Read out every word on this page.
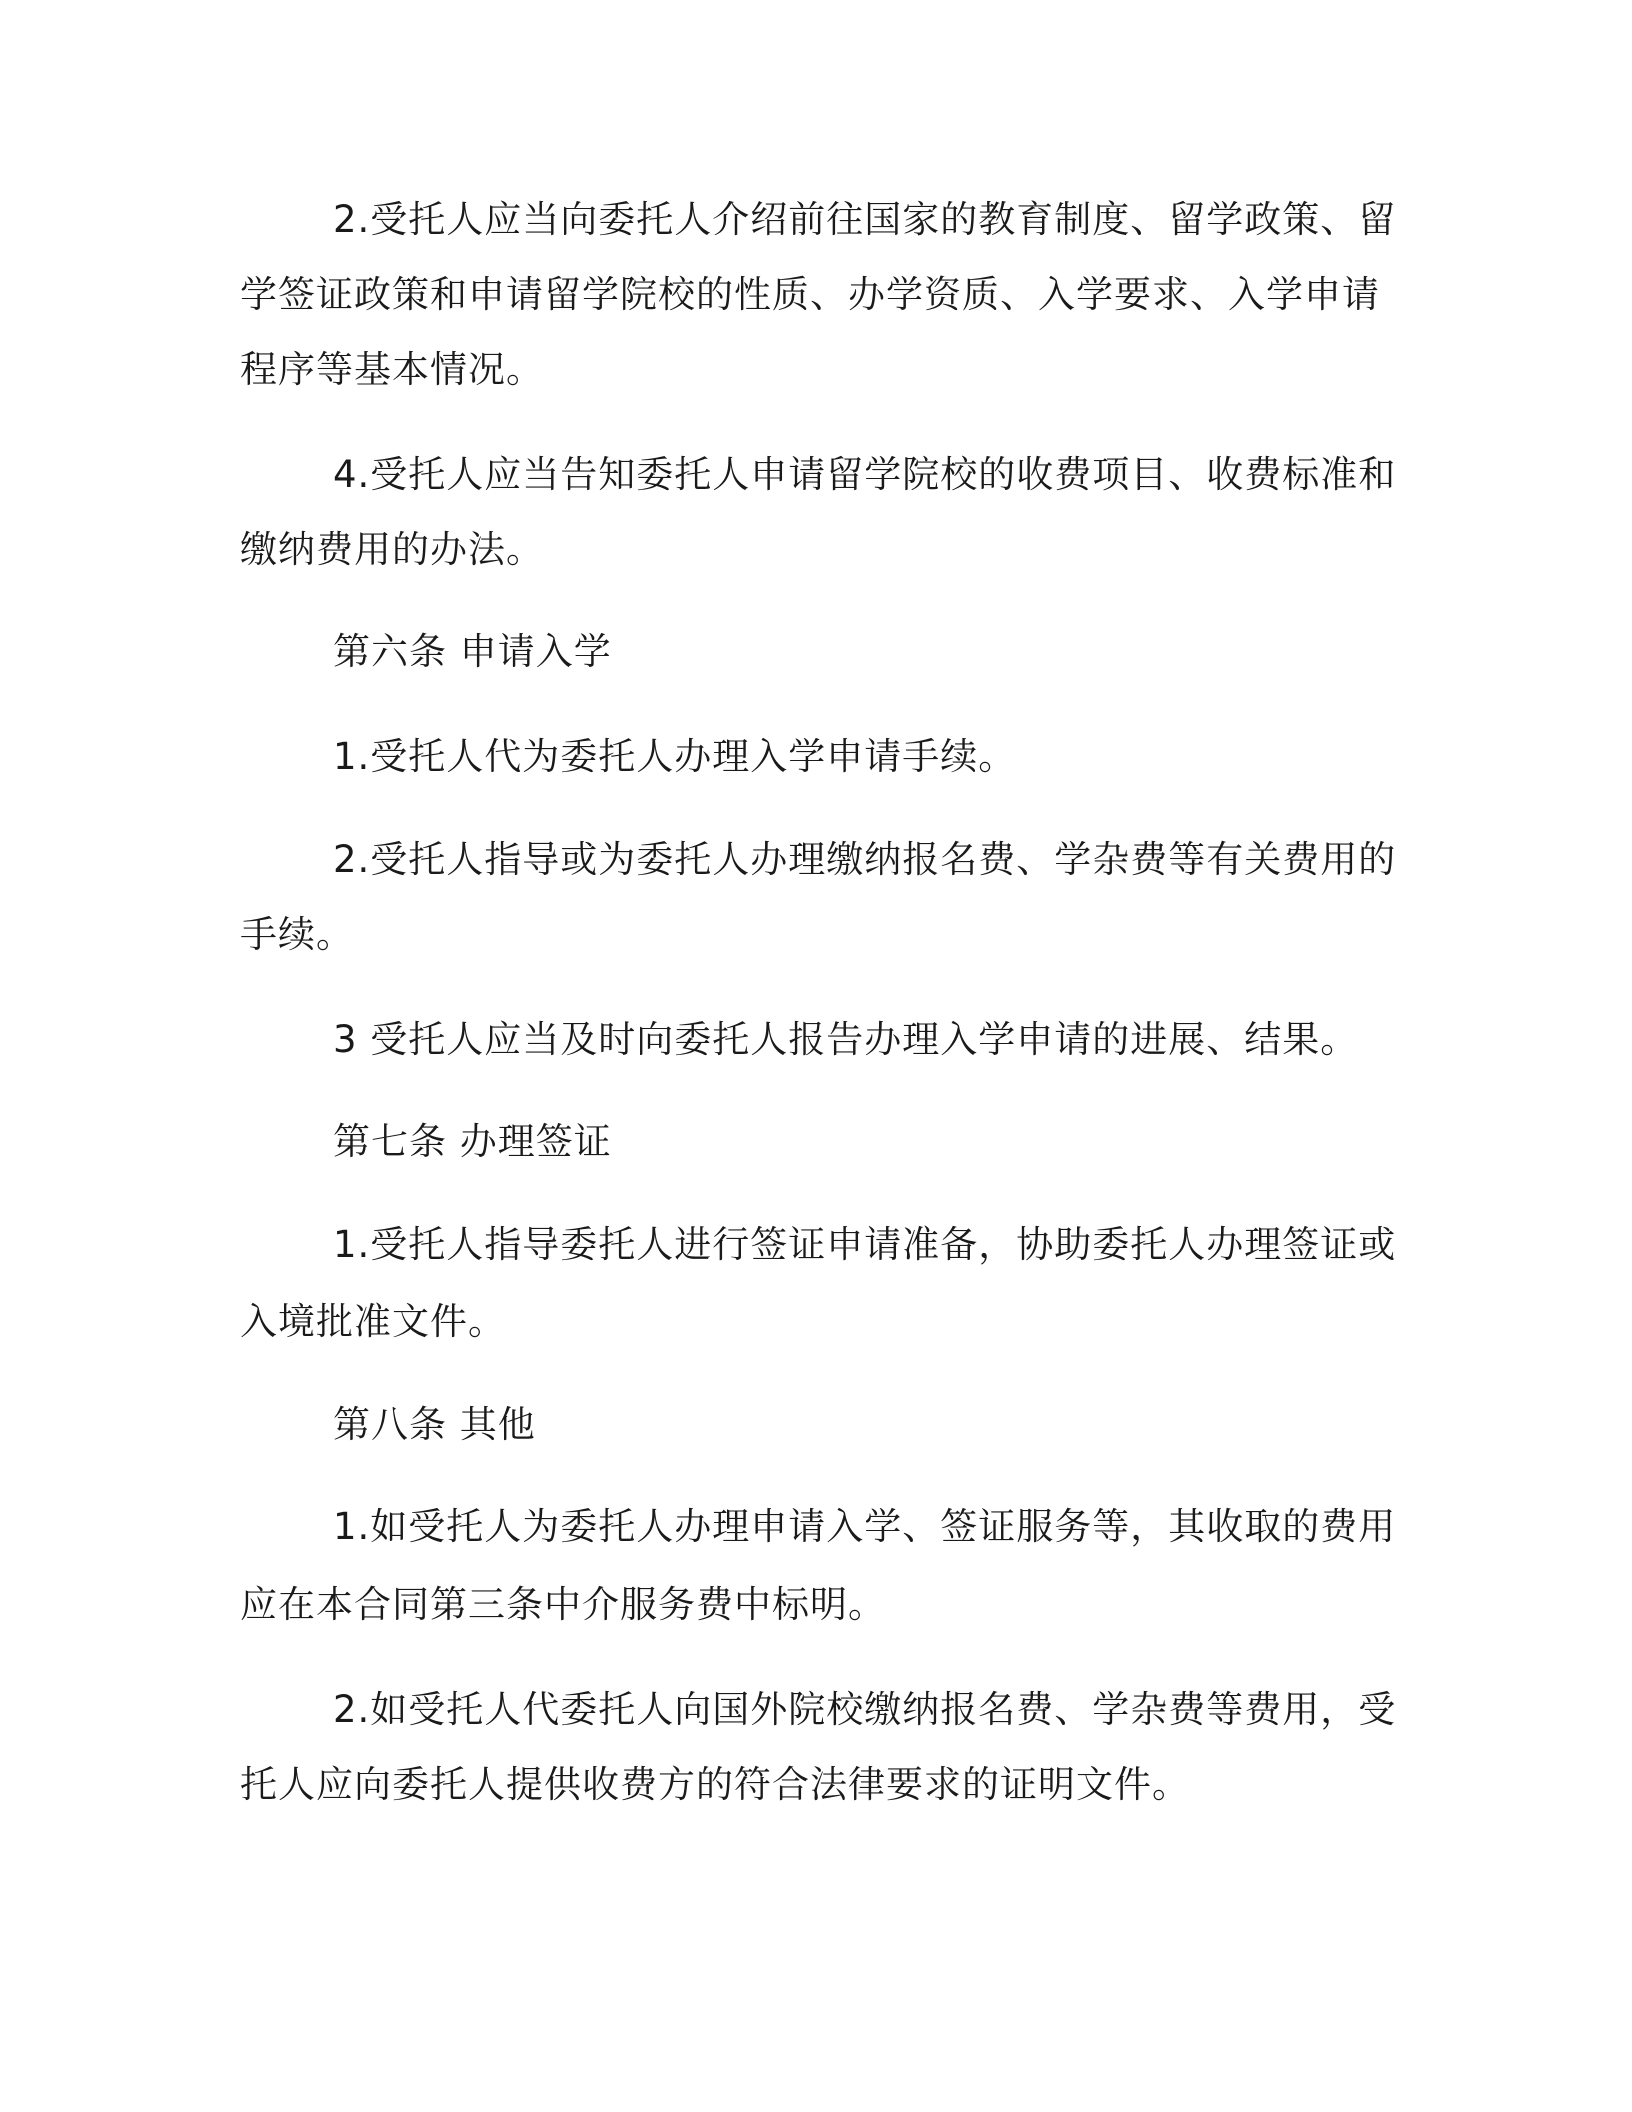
2.受托人应当向委托人介绍前往国家的教育制度、留学政策、留
学签证政策和申请留学院校的性质、办学资质、入学要求、入学申请
程序等基本情况。
4.受托人应当告知委托人申请留学院校的收费项目、收费标准和
缴纳费用的办法。
第六条 申请入学
1.受托人代为委托人办理入学申请手续。
2.受托人指导或为委托人办理缴纳报名费、学杂费等有关费用的
手续。
3 受托人应当及时向委托人报告办理入学申请的进展、结果。
第七条 办理签证
1.受托人指导委托人进行签证申请准备，协助委托人办理签证或
入境批准文件。
第八条 其他
1.如受托人为委托人办理申请入学、签证服务等，其收取的费用
应在本合同第三条中介服务费中标明。
2.如受托人代委托人向国外院校缴纳报名费、学杂费等费用，受
托人应向委托人提供收费方的符合法律要求的证明文件。
